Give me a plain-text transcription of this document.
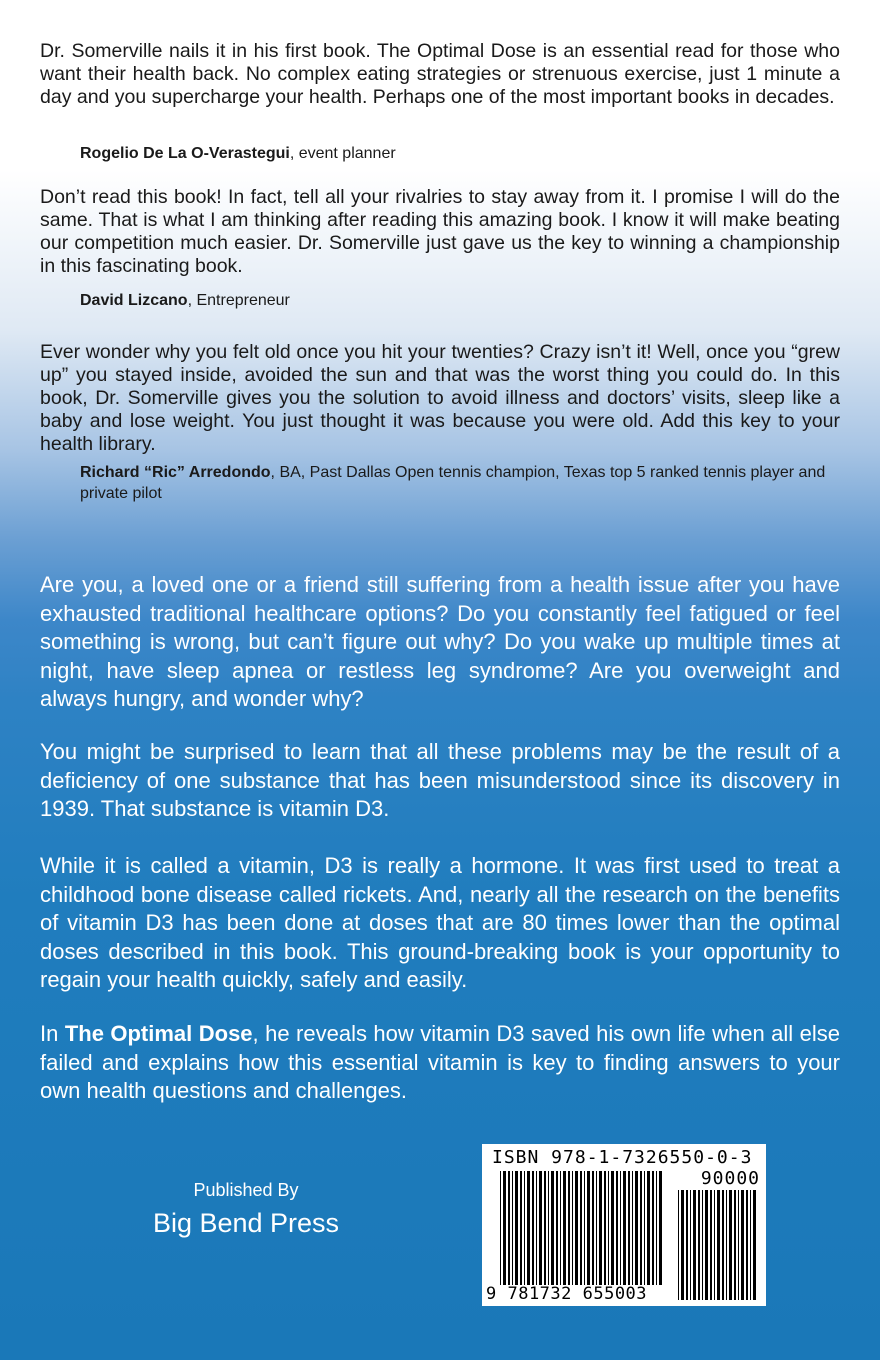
Dr. Somerville nails it in his first book. The Optimal Dose is an essential read for those who want their health back. No complex eating strategies or strenuous exercise, just 1 minute a day and you supercharge your health. Perhaps one of the most important books in decades.
Rogelio De La O-Verastegui, event planner
Don’t read this book! In fact, tell all your rivalries to stay away from it. I promise I will do the same. That is what I am thinking after reading this amazing book. I know it will make beating our competition much easier. Dr. Somerville just gave us the key to winning a championship in this fascinating book.
David Lizcano, Entrepreneur
Ever wonder why you felt old once you hit your twenties? Crazy isn’t it! Well, once you “grew up” you stayed inside, avoided the sun and that was the worst thing you could do. In this book, Dr. Somerville gives you the solution to avoid illness and doctors’ visits, sleep like a baby and lose weight. You just thought it was because you were old. Add this key to your health library.
Richard “Ric” Arredondo, BA, Past Dallas Open tennis champion, Texas top 5 ranked tennis player and private pilot
Are you, a loved one or a friend still suffering from a health issue after you have exhausted traditional healthcare options? Do you constantly feel fatigued or feel something is wrong, but can’t figure out why? Do you wake up multiple times at night, have sleep apnea or restless leg syndrome? Are you overweight and always hungry, and wonder why?
You might be surprised to learn that all these problems may be the result of a deficiency of one substance that has been misunderstood since its discovery in 1939. That substance is vitamin D3.
While it is called a vitamin, D3 is really a hormone. It was first used to treat a childhood bone disease called rickets. And, nearly all the research on the benefits of vitamin D3 has been done at doses that are 80 times lower than the optimal doses described in this book. This ground-breaking book is your opportunity to regain your health quickly, safely and easily.
In The Optimal Dose, he reveals how vitamin D3 saved his own life when all else failed and explains how this essential vitamin is key to finding answers to your own health questions and challenges.
Published By
Big Bend Press
ISBN 978-1-7326550-0-3
90000
9 781732 655003
